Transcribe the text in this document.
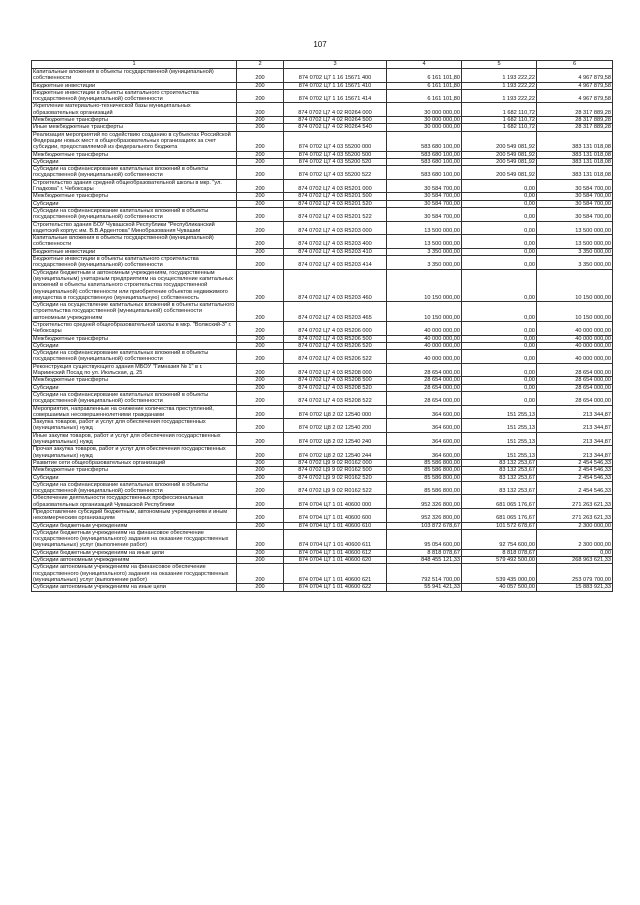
107
1	2	3	4	5	6
Капитальные вложения в объекты государственной (муниципальной) собственности	200	874 0702 Ц7 1 16 15671 400	6 161 101,80	1 193 222,22	4 967 879,58
Бюджетные инвестиции	200	874 0702 Ц7 1 16 15671 410	6 161 101,80	1 193 222,22	4 967 879,58
Бюджетные инвестиции в объекты капитального строительства государственной (муниципальной) собственности	200	874 0702 Ц7 1 16 15671 414	6 161 101,80	1 193 222,22	4 967 879,58
Укрепление материально-технической базы муниципальных образовательных организаций	200	874 0702 Ц7 4 02 R0264 000	30 000 000,00	1 682 110,72	28 317 889,28
Межбюджетные трансферты	200	874 0702 Ц7 4 02 R0264 500	30 000 000,00	1 682 110,72	28 317 889,28
Иные межбюджетные трансферты	200	874 0702 Ц7 4 02 R0264 540	30 000 000,00	1 682 110,72	28 317 889,28
Реализация мероприятий по содействию созданию в субъектах Российской Федерации новых мест в общеобразовательных организациях за счет субсидии, предоставляемой из федерального бюджета	200	874 0702 Ц7 4 03 55200 000	583 680 100,00	200 549 081,92	383 131 018,08
Межбюджетные трансферты	200	874 0702 Ц7 4 03 55200 500	583 680 100,00	200 549 081,92	383 131 018,08
Субсидии	200	874 0702 Ц7 4 03 55200 520	583 680 100,00	200 549 081,92	383 131 018,08
Субсидии на софинансирование капитальных вложений в объекты государственной (муниципальной) собственности	200	874 0702 Ц7 4 03 55200 522	583 680 100,00	200 549 081,92	383 131 018,08
Строительство здания средней общеобразовательной школы в мкр. "ул. Гладкова" г. Чебоксары	200	874 0702 Ц7 4 03 R5201 000	30 584 700,00	0,00	30 584 700,00
Межбюджетные трансферты	200	874 0702 Ц7 4 03 R5201 500	30 584 700,00	0,00	30 584 700,00
Субсидии	200	874 0702 Ц7 4 03 R5201 520	30 584 700,00	0,00	30 584 700,00
Субсидии на софинансирование капитальных вложений в объекты государственной (муниципальной) собственности	200	874 0702 Ц7 4 03 R5201 522	30 584 700,00	0,00	30 584 700,00
Строительство здания БОУ Чувашской Республики "Республиканский кадетский корпус им. В.В.Ардентова" Минобразования Чувашии	200	874 0702 Ц7 4 03 R5203 000	13 500 000,00	0,00	13 500 000,00
Капитальные вложения в объекты государственной (муниципальной) собственности	200	874 0702 Ц7 4 03 R5203 400	13 500 000,00	0,00	13 500 000,00
Бюджетные инвестиции	200	874 0702 Ц7 4 03 R5203 410	3 350 000,00	0,00	3 350 000,00
Бюджетные инвестиции в объекты капитального строительства государственной (муниципальной) собственности	200	874 0702 Ц7 4 03 R5203 414	3 350 000,00	0,00	3 350 000,00
Субсидии бюджетным и автономным учреждениям, государственным (муниципальным) унитарным предприятиям на осуществление капитальных вложений в объекты капитального строительства государственной (муниципальной) собственности или приобретение объектов недвижимого имущества в государственную (муниципальную) собственность	200	874 0702 Ц7 4 03 R5203 460	10 150 000,00	0,00	10 150 000,00
Субсидии на осуществление капитальных вложений в объекты капитального строительства государственной (муниципальной) собственности автономным учреждениям	200	874 0702 Ц7 4 03 R5203 465	10 150 000,00	0,00	10 150 000,00
Строительство средней общеобразовательной школы в мкр. "Волжский-3" г. Чебоксары	200	874 0702 Ц7 4 03 R5206 000	40 000 000,00	0,00	40 000 000,00
Межбюджетные трансферты	200	874 0702 Ц7 4 03 R5206 500	40 000 000,00	0,00	40 000 000,00
Субсидии	200	874 0702 Ц7 4 03 R5206 520	40 000 000,00	0,00	40 000 000,00
Субсидии на софинансирование капитальных вложений в объекты государственной (муниципальной) собственности	200	874 0702 Ц7 4 03 R5206 522	40 000 000,00	0,00	40 000 000,00
Реконструкция существующего здания МБОУ "Гимназия № 1" в г. Мариинский Посад по ул. Июльская, д. 25	200	874 0702 Ц7 4 03 R5208 000	28 654 000,00	0,00	28 654 000,00
Межбюджетные трансферты	200	874 0702 Ц7 4 03 R5208 500	28 654 000,00	0,00	28 654 000,00
Субсидии	200	874 0702 Ц7 4 03 R5208 520	28 654 000,00	0,00	28 654 000,00
Субсидии на софинансирование капитальных вложений в объекты государственной (муниципальной) собственности	200	874 0702 Ц7 4 03 R5208 522	28 654 000,00	0,00	28 654 000,00
Мероприятия, направленные на снижение количества преступлений, совершаемых несовершеннолетними гражданами	200	874 0702 Ц8 2 02 12540 000	364 600,00	151 255,13	213 344,87
Закупка товаров, работ и услуг для обеспечения государственных (муниципальных) нужд	200	874 0702 Ц8 2 02 12540 200	364 600,00	151 255,13	213 344,87
Иные закупки товаров, работ и услуг для обеспечения государственных (муниципальных) нужд	200	874 0702 Ц8 2 02 12540 240	364 600,00	151 255,13	213 344,87
Прочая закупка товаров, работ и услуг для обеспечения государственных (муниципальных) нужд	200	874 0702 Ц8 2 02 12540 244	364 600,00	151 255,13	213 344,87
Развитие сети общеобразовательных организаций	200	874 0702 Ц9 9 02 R0162 000	85 586 800,00	83 132 253,67	2 454 546,33
Межбюджетные трансферты	200	874 0702 Ц9 9 02 R0162 500	85 586 800,00	83 132 253,67	2 454 546,33
Субсидии	200	874 0702 Ц9 9 02 R0162 520	85 586 800,00	83 132 253,67	2 454 546,33
Субсидии на софинансирование капитальных вложений в объекты государственной (муниципальной) собственности	200	874 0702 Ц9 9 02 R0162 522	85 586 800,00	83 132 253,67	2 454 546,33
Обеспечение деятельности государственных профессиональных образовательных организаций Чувашской Республики	200	874 0704 Ц7 1 01 40600 000	952 326 800,00	681 065 176,67	271 263 621,33
Предоставление субсидий бюджетным, автономным учреждениям и иным некоммерческим организациям	200	874 0704 Ц7 1 01 40600 600	952 326 800,00	681 065 176,67	271 263 621,33
Субсидии бюджетным учреждениям	200	874 0704 Ц7 1 01 40600 610	103 872 678,67	101 572 678,67	2 300 000,00
Субсидии бюджетным учреждениям на финансовое обеспечение государственного (муниципального) задания на оказание государственных (муниципальных) услуг (выполнение работ)	200	874 0704 Ц7 1 01 40600 611	95 054 600,00	92 754 600,00	2 300 000,00
Субсидии бюджетным учреждениям на иные цели	200	874 0704 Ц7 1 01 40600 612	8 818 078,67	8 818 078,67	0,00
Субсидии автономным учреждениям	200	874 0704 Ц7 1 01 40600 620	848 455 121,33	579 492 500,00	268 963 621,33
Субсидии автономным учреждениям на финансовое обеспечение государственного (муниципального) задания на оказание государственных (муниципальных) услуг (выполнение работ)	200	874 0704 Ц7 1 01 40600 621	792 514 700,00	539 435 000,00	253 079 700,00
Субсидии автономным учреждениям на иные цели	200	874 0704 Ц7 1 01 40600 622	55 941 421,33	40 057 500,00	15 883 921,33
